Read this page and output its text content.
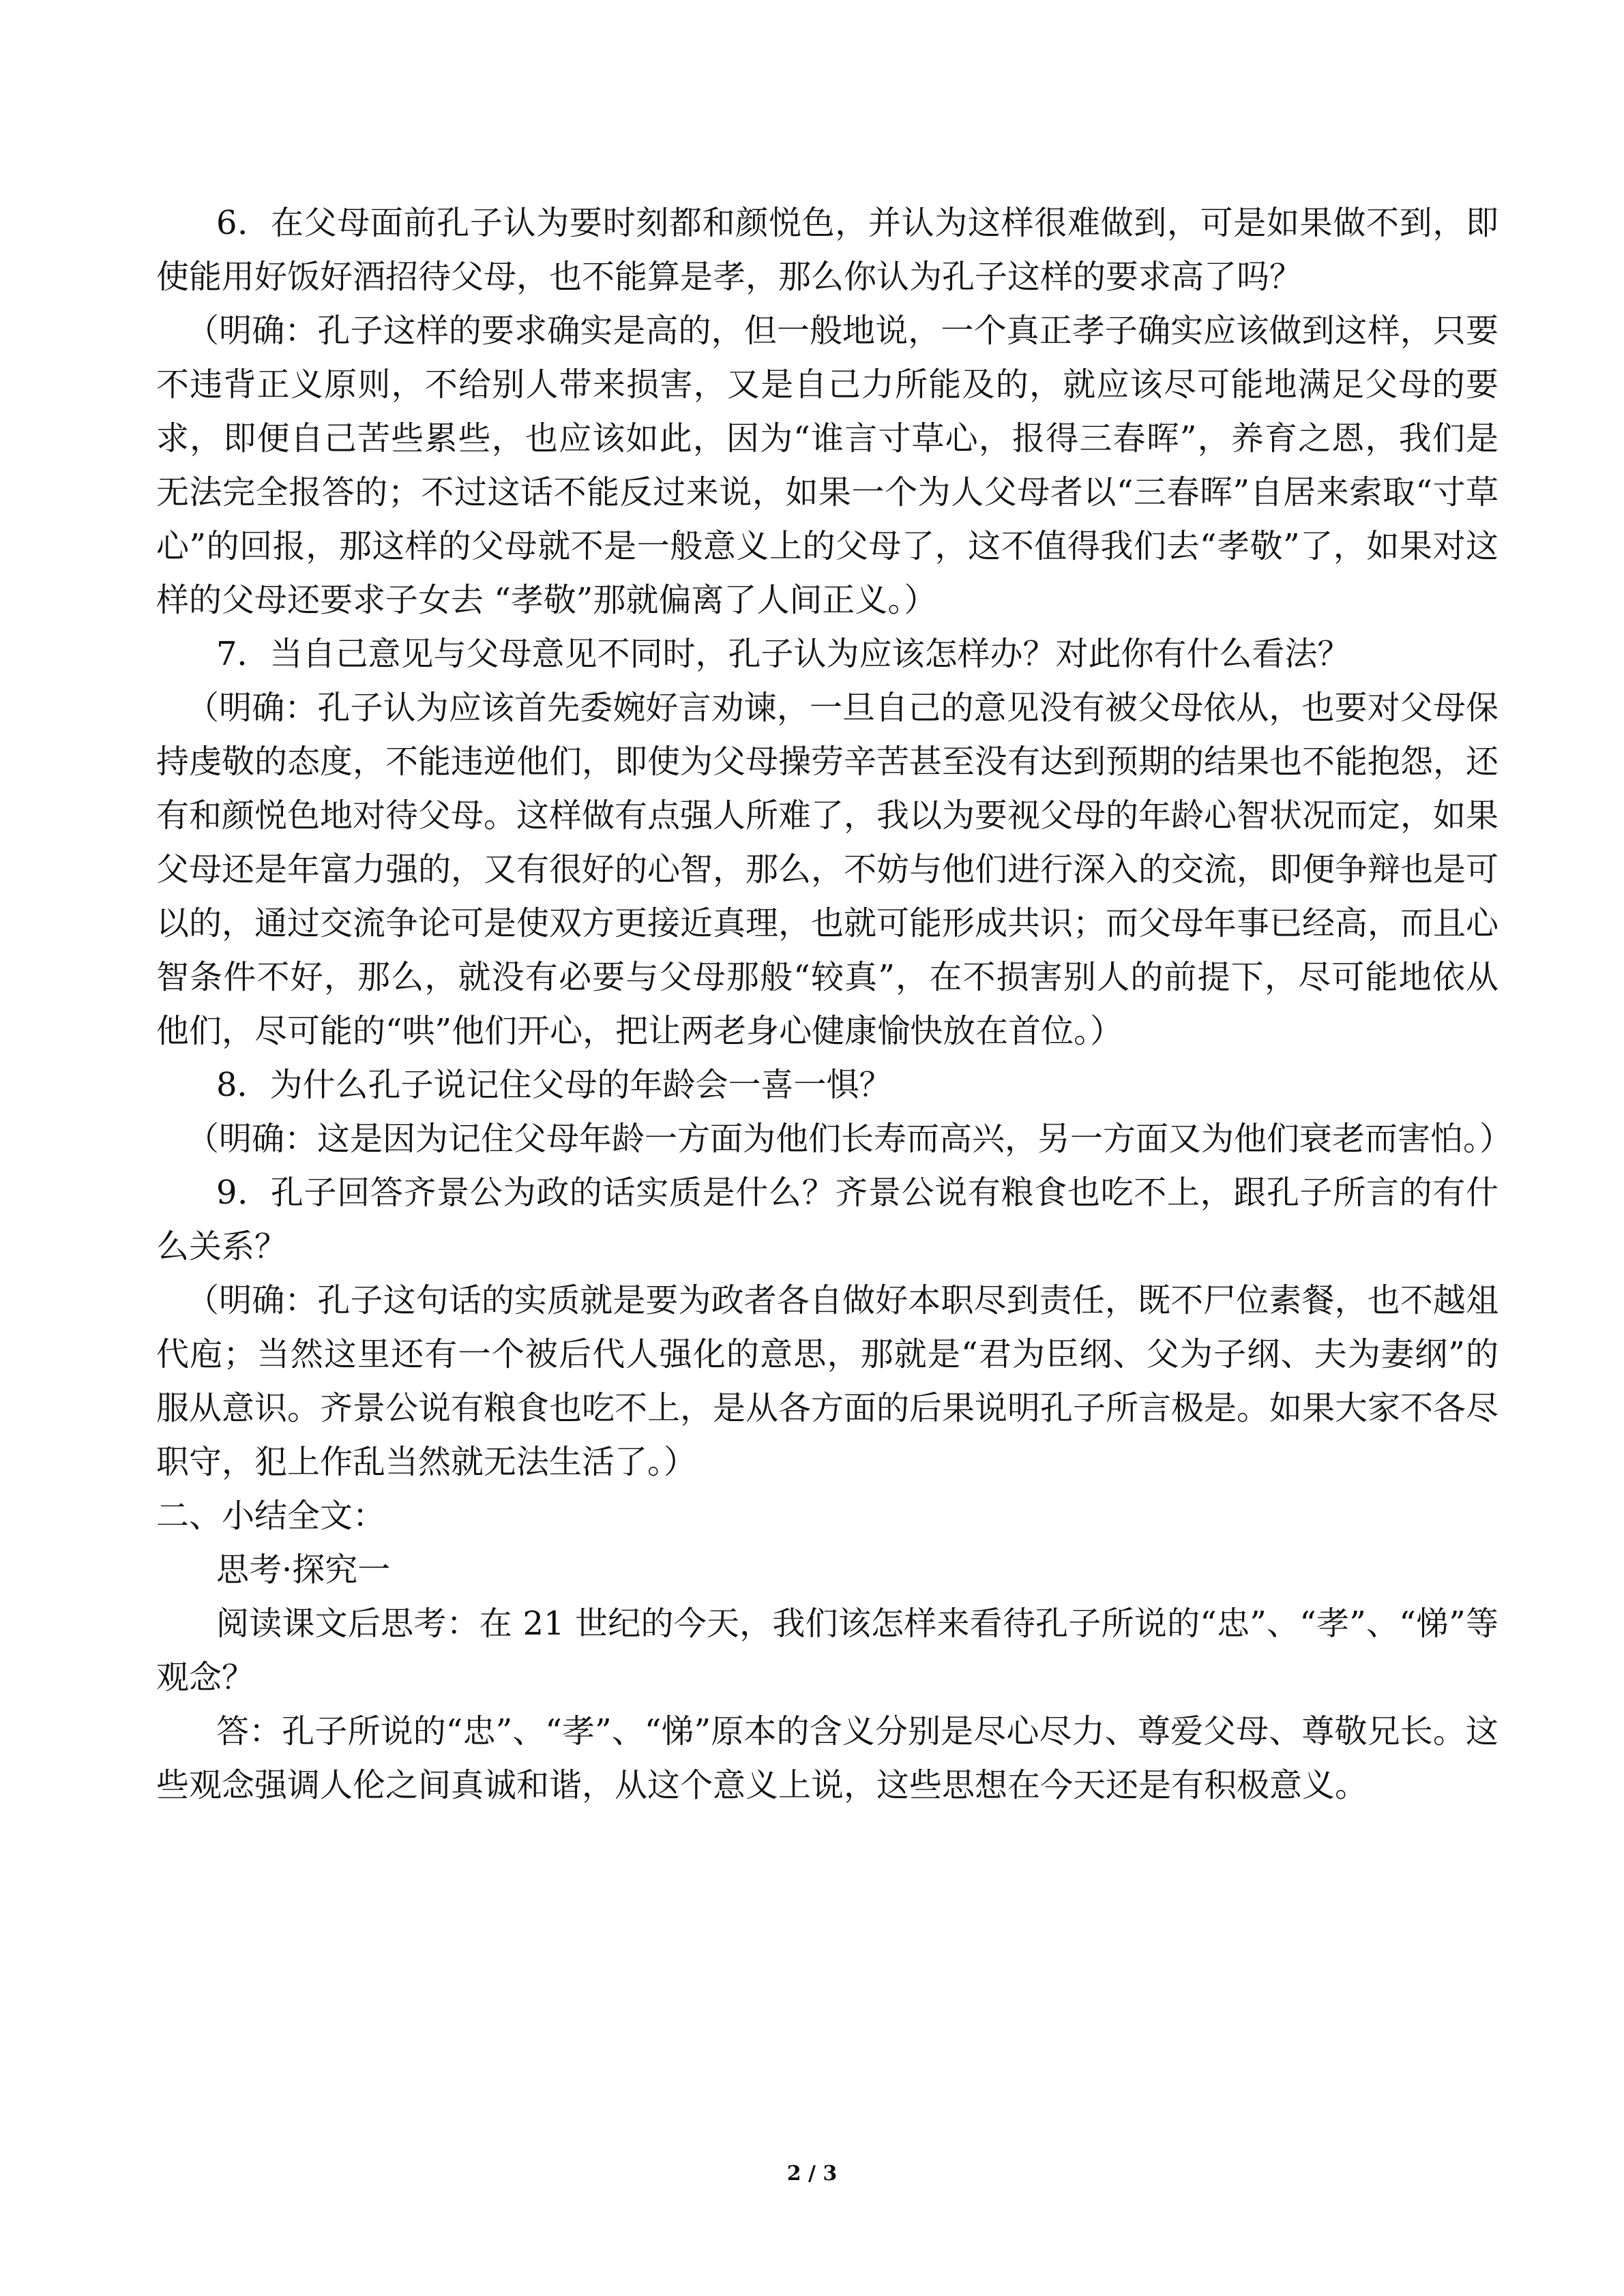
6．在父母面前孔子认为要时刻都和颜悦色，并认为这样很难做到，可是如果做不到，即使能用好饭好酒招待父母，也不能算是孝，那么你认为孔子这样的要求高了吗？

（明确：孔子这样的要求确实是高的，但一般地说，一个真正孝子确实应该做到这样，只要不违背正义原则，不给别人带来损害，又是自己力所能及的，就应该尽可能地满足父母的要求，即便自己苦些累些，也应该如此，因为“谁言寸草心，报得三春晖”，养育之恩，我们是无法完全报答的；不过这话不能反过来说，如果一个为人父母者以“三春晖”自居来索取“寸草心”的回报，那这样的父母就不是一般意义上的父母了，这不值得我们去“孝敬”了，如果对这样的父母还要求子女去 “孝敬”那就偏离了人间正义。）

7．当自己意见与父母意见不同时，孔子认为应该怎样办？对此你有什么看法？

（明确：孔子认为应该首先委婉好言劝谏，一旦自己的意见没有被父母依从，也要对父母保持虔敬的态度，不能违逆他们，即使为父母操劳辛苦甚至没有达到预期的结果也不能抱怨，还有和颜悦色地对待父母。这样做有点强人所难了，我以为要视父母的年龄心智状况而定，如果父母还是年富力强的，又有很好的心智，那么，不妨与他们进行深入的交流，即便争辩也是可以的，通过交流争论可是使双方更接近真理，也就可能形成共识；而父母年事已经高，而且心智条件不好，那么，就没有必要与父母那般“较真”，在不损害别人的前提下，尽可能地依从他们，尽可能的“哄”他们开心，把让两老身心健康愉快放在首位。）

8．为什么孔子说记住父母的年龄会一喜一惧？

（明确：这是因为记住父母年龄一方面为他们长寿而高兴，另一方面又为他们衰老而害怕。）

9．孔子回答齐景公为政的话实质是什么？齐景公说有粮食也吃不上，跟孔子所言的有什么关系？

（明确：孔子这句话的实质就是要为政者各自做好本职尽到责任，既不尸位素餐，也不越俎代庖；当然这里还有一个被后代人强化的意思，那就是“君为臣纲、父为子纲、夫为妻纲”的服从意识。齐景公说有粮食也吃不上，是从各方面的后果说明孔子所言极是。如果大家不各尽职守，犯上作乱当然就无法生活了。）

二、小结全文：

思考·探究一

阅读课文后思考：在 21 世纪的今天，我们该怎样来看待孔子所说的“忠”、“孝”、“悌”等观念？

答：孔子所说的“忠”、“孝”、“悌”原本的含义分别是尽心尽力、尊爱父母、尊敬兄长。这些观念强调人伦之间真诚和谐，从这个意义上说，这些思想在今天还是有积极意义。

2 / 3
